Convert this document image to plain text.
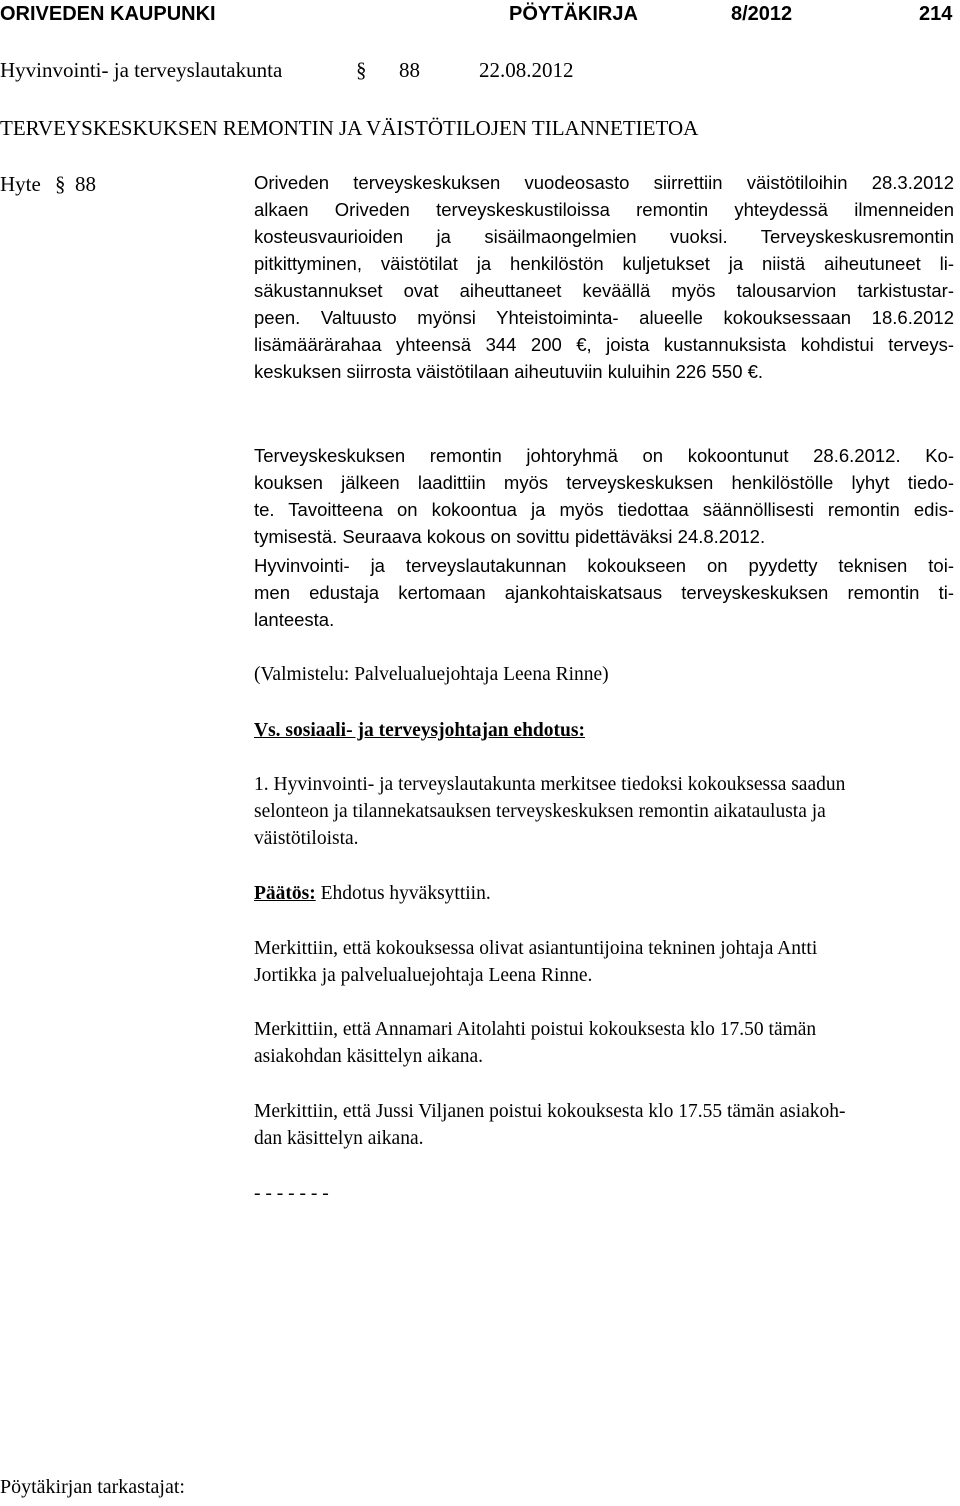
ORIVEDEN KAUPUNKI	PÖYTÄKIRJA	8/2012	214
Hyvinvointi- ja terveyslautakunta	§ 88	22.08.2012
TERVEYSKESKUKSEN REMONTIN JA VÄISTÖTILOJEN TILANNETIETOA
Hyte § 88	Oriveden terveyskeskuksen vuodeosasto siirrettiin väistötiloihin 28.3.2012
alkaen Oriveden terveyskeskustiloissa remontin yhteydessä ilmenneiden
kosteusvaurioiden ja sisäilmaongelmien vuoksi. Terveyskeskusremontin
pitkittyminen, väistötilat ja henkilöstön kuljetukset ja niistä aiheutuneet li-
säkustannukset ovat aiheuttaneet keväällä myös talousarvion tarkistustar-
peen. Valtuusto myönsi Yhteistoiminta- alueelle kokouksessaan 18.6.2012
lisämäärärahaa yhteensä 344 200 €, joista kustannuksista kohdistui terveys-
keskuksen siirrosta väistötilaan aiheutuviin kuluihin 226 550 €.
Terveyskeskuksen remontin johtoryhmä on kokoontunut 28.6.2012. Ko-
kouksen jälkeen laadittiin myös terveyskeskuksen henkilöstölle lyhyt tiedo-
te. Tavoitteena on kokoontua ja myös tiedottaa säännöllisesti remontin edis-
tymisestä. Seuraava kokous on sovittu pidettäväksi 24.8.2012.
Hyvinvointi- ja terveyslautakunnan kokoukseen on pyydetty teknisen toi-
men edustaja kertomaan ajankohtaiskatsaus terveyskeskuksen remontin ti-
lanteesta.
(Valmistelu: Palvelualuejohtaja Leena Rinne)
Vs. sosiaali- ja terveysjohtajan ehdotus:
1. Hyvinvointi- ja terveyslautakunta merkitsee tiedoksi kokouksessa saadun
selonteon ja tilannekatsauksen terveyskeskuksen remontin aikataulusta ja
väistötiloista.
Päätös: Ehdotus hyväksyttiin.
Merkittiin, että kokouksessa olivat asiantuntijoina tekninen johtaja Antti
Jortikka ja palvelualuejohtaja Leena Rinne.
Merkittiin, että Annamari Aitolahti poistui kokouksesta klo 17.50 tämän
asiakohdan käsittelyn aikana.
Merkittiin, että Jussi Viljanen poistui kokouksesta klo 17.55 tämän asiakoh-
dan käsittelyn aikana.
- - - - - - -
Pöytäkirjan tarkastajat:
